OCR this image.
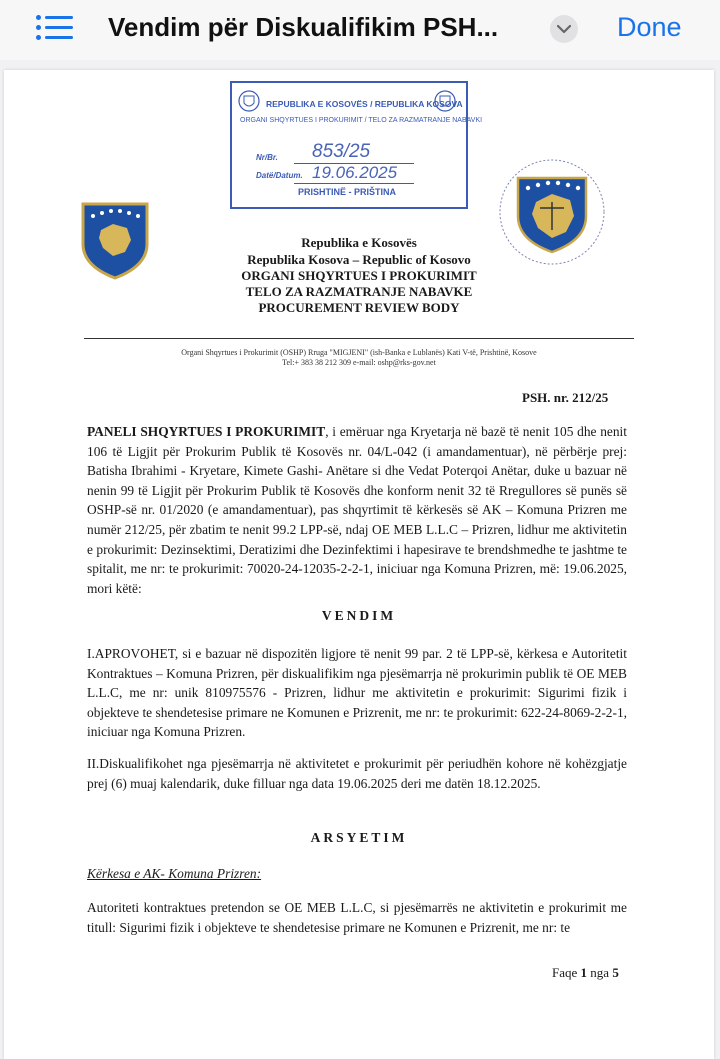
Vendim për Diskualifikim PSH...	Done
REPUBLIKA E KOSOVËS / REPUBLIKA KOSOVA
ORGANI SHQYRTUES I PROKURIMIT / TELO ZA RAZMATRANJE NABAVKI
Nr/Br. 853/25
Datë/Datum. 19.06.2025
PRISHTINË - PRIŠTINA
Republika e Kosovës
Republika Kosova – Republic of Kosovo
ORGANI SHQYRTUES I PROKURIMIT
TELO ZA RAZMATRANJE NABAVKE
PROCUREMENT REVIEW BODY
Organi Shqyrtues i Prokurimit (OSHP) Rruga "MIGJENI" (ish-Banka e Lublanës) Kati V-të, Prishtinë, Kosove
Tel:+ 383 38 212 309 e-mail: oshp@rks-gov.net
PSH. nr. 212/25
PANELI SHQYRTUES I PROKURIMIT, i emëruar nga Kryetarja në bazë të nenit 105 dhe nenit 106 të Ligjit për Prokurim Publik të Kosovës nr. 04/L-042 (i amandamentuar), në përbërje prej: Batisha Ibrahimi - Kryetare, Kimete Gashi- Anëtare si dhe Vedat Poterqoi Anëtar, duke u bazuar në nenin 99 të Ligjit për Prokurim Publik të Kosovës dhe konform nenit 32 të Rregullores së punës së OSHP-së nr. 01/2020 (e amandamentuar), pas shqyrtimit të kërkesës së AK – Komuna Prizren me numër 212/25, për zbatim te nenit 99.2 LPP-së, ndaj OE MEB L.L.C – Prizren, lidhur me aktivitetin e prokurimit: Dezinsektimi, Deratizimi dhe Dezinfektimi i hapesirave te brendshmedhe te jashtme te spitalit, me nr: te prokurimit: 70020-24-12035-2-2-1, iniciuar nga Komuna Prizren, më: 19.06.2025, mori këtë:
VENDIM
I.APROVOHET, si e bazuar në dispozitën ligjore të nenit 99 par. 2 të LPP-së, kërkesa e Autoritetit Kontraktues – Komuna Prizren, për diskualifikim nga pjesëmarrja në prokurimin publik të OE MEB L.L.C, me nr: unik 810975576 - Prizren, lidhur me aktivitetin e prokurimit: Sigurimi fizik i objekteve te shendetesise primare ne Komunen e Prizrenit, me nr: te prokurimit: 622-24-8069-2-2-1, iniciuar nga Komuna Prizren.
II.Diskualifikohet nga pjesëmarrja në aktivitetet e prokurimit për periudhën kohore në kohëzgjatje prej (6) muaj kalendarik, duke filluar nga data 19.06.2025 deri me datën 18.12.2025.
ARSYETIM
Kërkesa e AK- Komuna Prizren:
Autoriteti kontraktues pretendon se OE MEB L.L.C, si pjesëmarrës ne aktivitetin e prokurimit me titull: Sigurimi fizik i objekteve te shendetesise primare ne Komunen e Prizrenit, me nr: te
Faqe 1 nga 5
